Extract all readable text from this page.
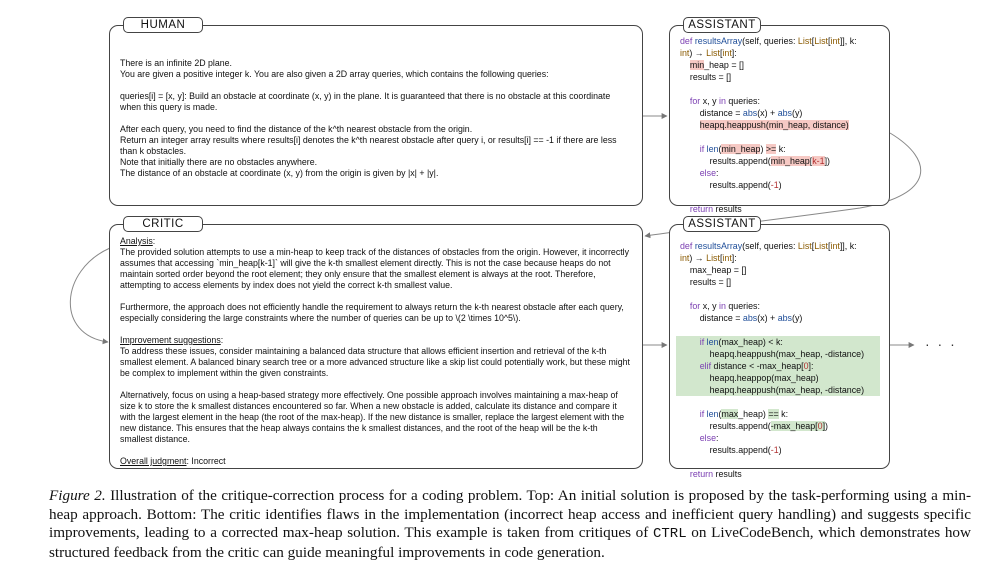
HUMAN

There is an infinite 2D plane.

You are given a positive integer k. You are also given a 2D array queries, which contains the following queries:

queries[i] = [x, y]: Build an obstacle at coordinate (x, y) in the plane. It is guaranteed that there is no obstacle at this coordinate when this query is made.

After each query, you need to find the distance of the k^th nearest obstacle from the origin.

Return an integer array results where results[i] denotes the k^th nearest obstacle after query i, or results[i] == -1 if there are less than k obstacles.

Note that initially there are no obstacles anywhere.

The distance of an obstacle at coordinate (x, y) from the origin is given by |x| + |y|.

CRITIC

Analysis:

The provided solution attempts to use a min-heap to keep track of the distances of obstacles from the origin. However, it incorrectly assumes that accessing `min_heap[k-1]` will give the k-th smallest element directly. This is not the case because heaps do not maintain sorted order beyond the root element; they only ensure that the smallest element is always at the root. Therefore, attempting to access elements by index does not yield the correct k-th smallest value.

Furthermore, the approach does not efficiently handle the requirement to always return the k-th nearest obstacle after each query, especially considering the large constraints where the number of queries can be up to \(2 \times 10^5\).

Improvement suggestions:

To address these issues, consider maintaining a balanced data structure that allows efficient insertion and retrieval of the k-th smallest element. A balanced binary search tree or a more advanced structure like a skip list could potentially work, but these might be complex to implement within the given constraints.

Alternatively, focus on using a heap-based strategy more effectively. One possible approach involves maintaining a max-heap of size k to store the k smallest distances encountered so far. When a new obstacle is added, calculate its distance and compare it with the largest element in the heap (the root of the max-heap). If the new distance is smaller, replace the largest element with the new distance. This ensures that the heap always contains the k smallest distances, and the root of the heap will be the k-th smallest distance.

Overall judgment: Incorrect

ASSISTANT
def resultsArray(self, queries: List[List[int]], k:
int) → List[int]:
min_heap = []
results = []

for x, y in queries:
distance = abs(x) + abs(y)
heapq.heappush(min_heap, distance)

if len(min_heap) >= k:
results.append(min_heap[k-1])
else:
results.append(-1)

return results
ASSISTANT
def resultsArray(self, queries: List[List[int]], k:
int) → List[int]:
max_heap = []
results = []

for x, y in queries:
distance = abs(x) + abs(y)

if len(max_heap) < k:
heapq.heappush(max_heap, -distance)
elif distance < -max_heap[0]:
heapq.heappop(max_heap)
heapq.heappush(max_heap, -distance)

if len(max_heap) == k:
results.append(-max_heap[0])
else:
results.append(-1)

return results
· · ·
Figure 2. Illustration of the critique-correction process for a coding problem. Top: An initial solution is proposed by the task-performing using a min-heap approach. Bottom: The critic identifies flaws in the implementation (incorrect heap access and inefficient query handling) and suggests specific improvements, leading to a corrected max-heap solution. This example is taken from critiques of CTRL on LiveCodeBench, which demonstrates how structured feedback from the critic can guide meaningful improvements in code generation.
